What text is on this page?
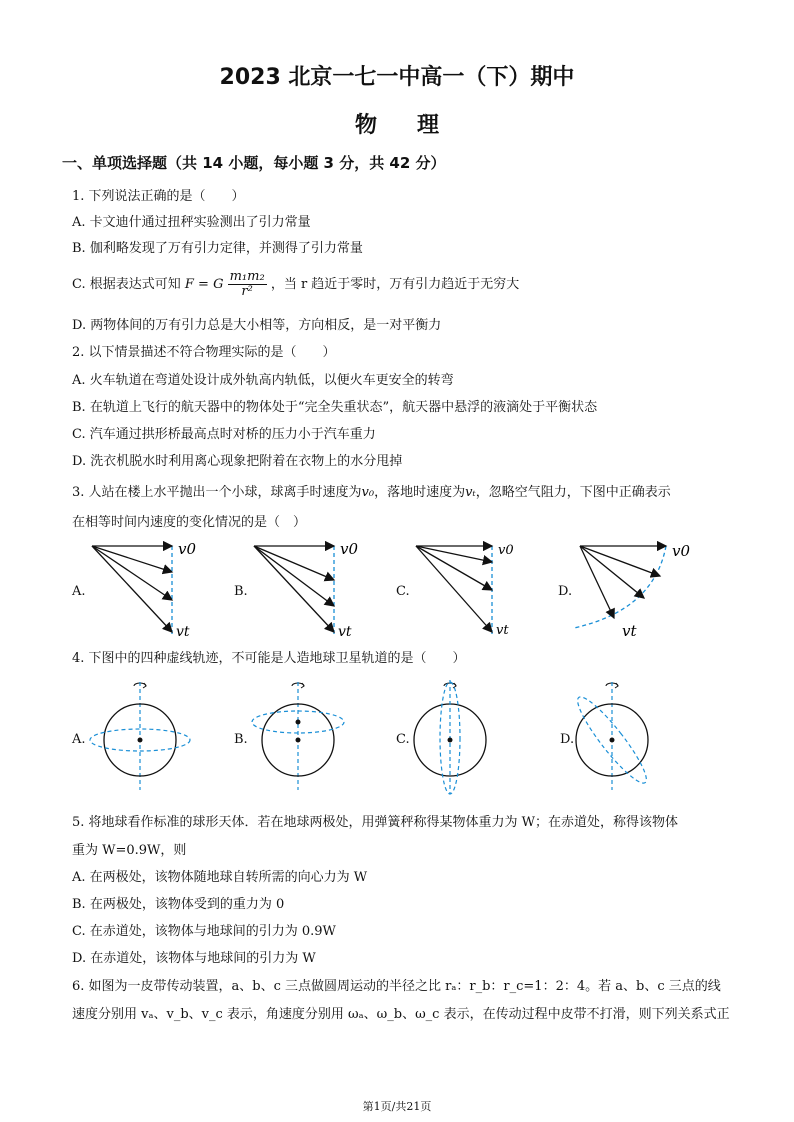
2023 北京一七一中高一（下）期中
物理
一、单项选择题（共 14 小题，每小题 3 分，共 42 分）
1. 下列说法正确的是（　　）
A. 卡文迪什通过扭秤实验测出了引力常量
B. 伽利略发现了万有引力定律，并测得了引力常量
C. 根据表达式可知 F = G $\frac{\text{m₁m₂}}{\text{r²}}$ ，当 r 趋近于零时，万有引力趋近于无穷大
D. 两物体间的万有引力总是大小相等，方向相反，是一对平衡力
2. 以下情景描述不符合物理实际的是（　　）
A. 火车轨道在弯道处设计成外轨高内轨低，以便火车更安全的转弯
B. 在轨道上飞行的航天器中的物体处于“完全失重状态”，航天器中悬浮的液滴处于平衡状态
C. 汽车通过拱形桥最高点时对桥的压力小于汽车重力
D. 洗衣机脱水时利用离心现象把附着在衣物上的水分甩掉
3. 人站在楼上水平抛出一个小球，球离手时速度为v₀，落地时速度为vₜ，忽略空气阻力，下图中正确表示
在相等时间内速度的变化情况的是（　）
A.	B.	C.	D.
v0
vt
v0
vt
v0
vt
v0
vt
4. 下图中的四种虚线轨迹，不可能是人造地球卫星轨道的是（　　）
A.	B.	C.	D.
5. 将地球看作标准的球形天体．若在地球两极处，用弹簧秤称得某物体重力为 W；在赤道处，称得该物体
重为 W=0.9W，则
A. 在两极处，该物体随地球自转所需的向心力为 W
B. 在两极处，该物体受到的重力为 0
C. 在赤道处，该物体与地球间的引力为 0.9W
D. 在赤道处，该物体与地球间的引力为 W
6. 如图为一皮带传动装置，a、b、c 三点做圆周运动的半径之比 rₐ：r_b：r_c=1：2：4。若 a、b、c 三点的线
速度分别用 vₐ、v_b、v_c 表示，角速度分别用 ωₐ、ω_b、ω_c 表示，在传动过程中皮带不打滑，则下列关系式正
第1页/共21页
